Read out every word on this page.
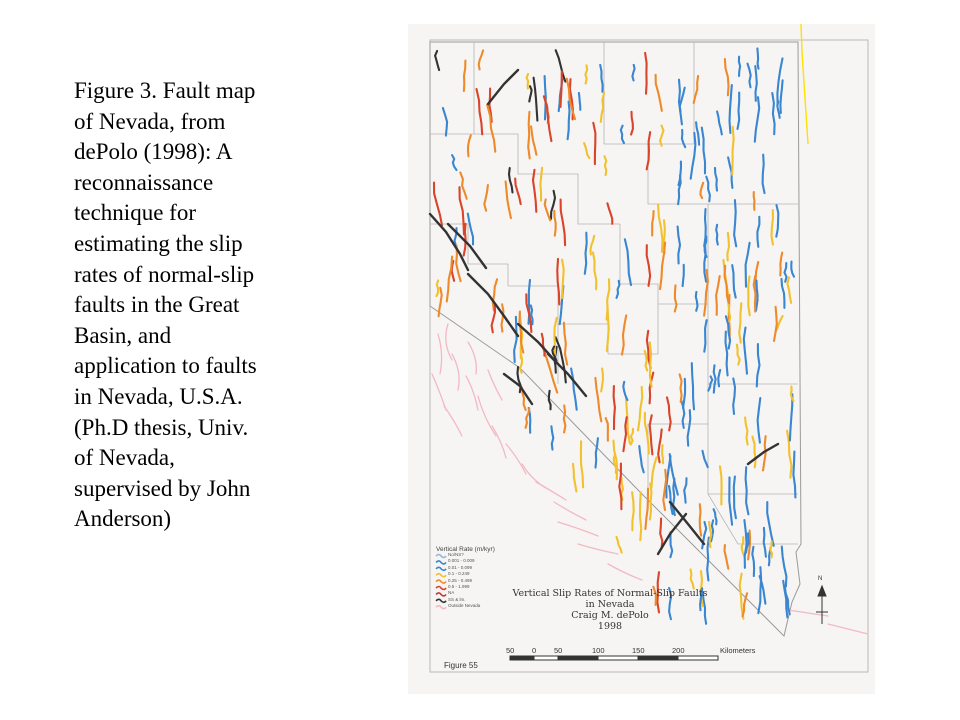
Figure 3. Fault map
of Nevada, from
dePolo (1998): A
reconnaissance
technique for
estimating the slip
rates of normal-slip
faults in the Great
Basin, and
application to faults
in Nevada, U.S.A.
(Ph.D thesis, Univ.
of Nevada,
supervised by John
Anderson)
Vertical Rate (m/kyr)
No/NS?
0.001 - 0.009
0.01 - 0.099
0.1 - 0.249
0.25 - 0.499
0.5 - 1.999
NA
SS & lm.
Outside Nevada
Vertical Slip Rates of Normal-Slip Faults
in Nevada
Craig M. dePolo
1998
50 0 50	100	150	200	Kilometers
Figure 55
N
